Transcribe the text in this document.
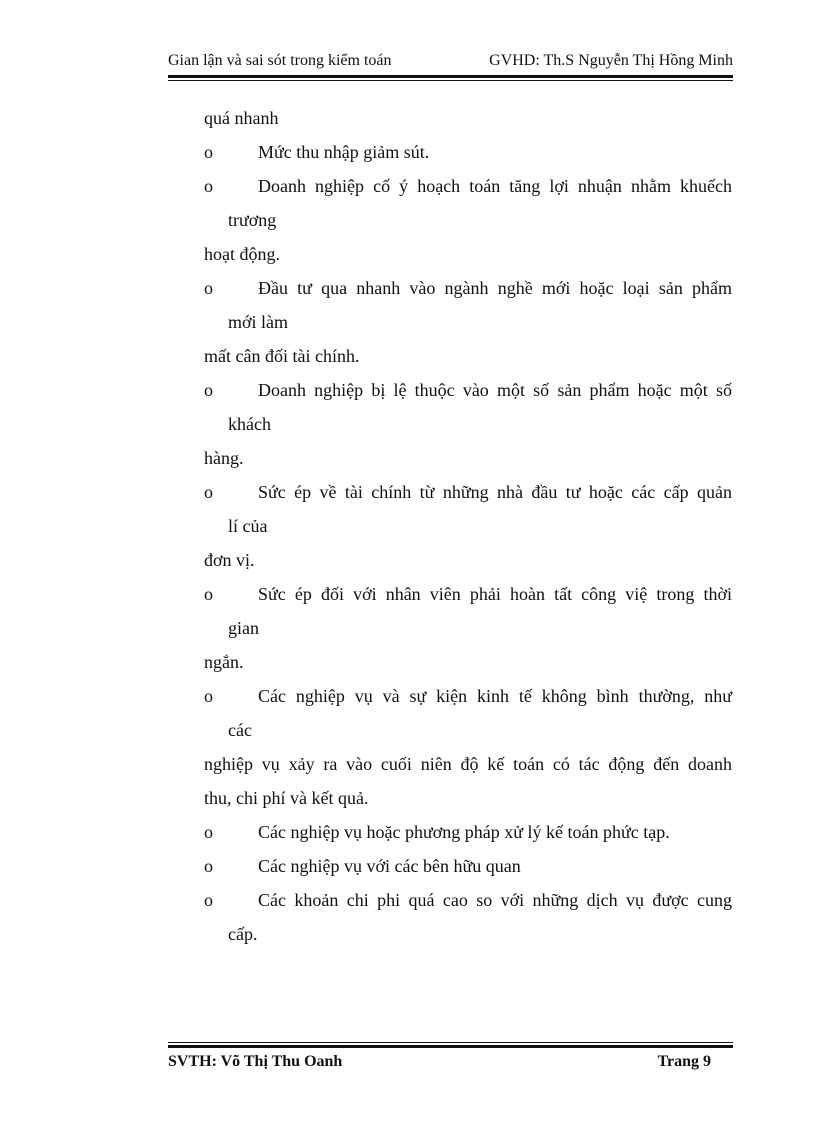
Gian lận và sai sót trong kiểm toán	GVHD: Th.S Nguyễn Thị Hồng Minh

quá nhanh

o	Mức thu nhập giảm sút.
o	Doanh nghiệp cố ý hoạch toán tăng lợi nhuận nhằm khuếch
trương

hoạt động.

o	Đầu tư qua nhanh vào ngành nghề mới hoặc loại sản phẩm
mới làm

mất cân đối tài chính.

o	Doanh nghiệp bị lệ thuộc vào một số sản phẩm hoặc một số
khách

hàng.

o	Sức ép về tài chính từ những nhà đầu tư hoặc các cấp quản
lí của

đơn vị.

o	Sức ép đối với nhân viên phải hoàn tất công việ trong thời
gian

ngắn.

o	Các nghiệp vụ và sự kiện kinh tế không bình thường, như
các

nghiệp vụ xảy ra vào cuối niên độ kế toán có tác động đến doanh

thu, chi phí và kết quả.

o	Các nghiệp vụ hoặc phương pháp xử lý kế toán phức tạp.
o	Các nghiệp vụ với các bên hữu quan
o	Các khoản chi phi quá cao so với những dịch vụ được cung
cấp.
SVTH: Võ Thị Thu Oanh	Trang 9
